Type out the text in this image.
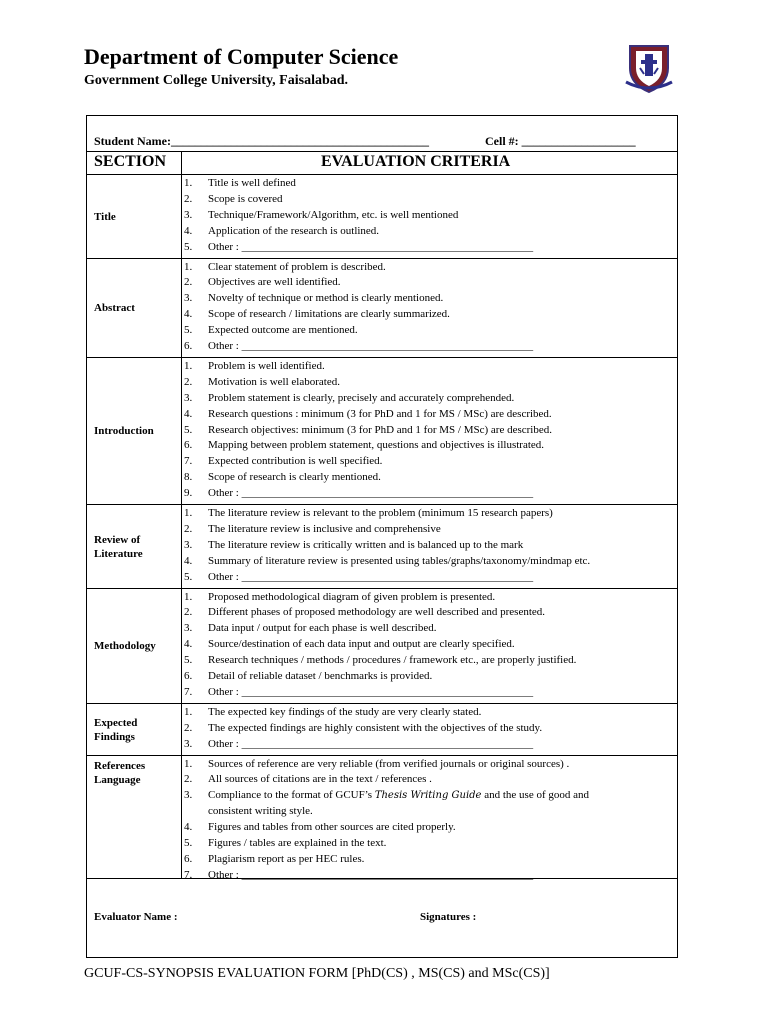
Department of Computer Science
Government College University, Faisalabad.
Student Name:___________________________________________	Cell #: ___________________
SECTION	EVALUATION CRITERIA
Title
1. Title is well defined
2. Scope is covered
3. Technique/Framework/Algorithm, etc. is well mentioned
4. Application of the research is outlined.
5. Other : _____________________________________________________
Abstract
1. Clear statement of problem is described.
2. Objectives are well identified.
3. Novelty of technique or method is clearly mentioned.
4. Scope of research / limitations are clearly summarized.
5. Expected outcome are mentioned.
6. Other : _____________________________________________________
Introduction
1. Problem is well identified.
2. Motivation is well elaborated.
3. Problem statement is clearly, precisely and accurately comprehended.
4. Research questions : minimum (3 for PhD and 1 for MS / MSc) are described.
5. Research objectives: minimum (3 for PhD and 1 for MS / MSc) are described.
6. Mapping between problem statement, questions and objectives is illustrated.
7. Expected contribution is well specified.
8. Scope of research is clearly mentioned.
9. Other : _____________________________________________________
Review of
Literature
1. The literature review is relevant to the problem (minimum 15 research papers)
2. The literature review is inclusive and comprehensive
3. The literature review is critically written and is balanced up to the mark
4. Summary of literature review is presented using tables/graphs/taxonomy/mindmap etc.
5. Other : _____________________________________________________
Methodology
1. Proposed methodological diagram of given problem is presented.
2. Different phases of proposed methodology are well described and presented.
3. Data input / output for each phase is well described.
4. Source/destination of each data input and output are clearly specified.
5. Research techniques / methods / procedures / framework etc., are properly justified.
6. Detail of reliable dataset / benchmarks is provided.
7. Other : _____________________________________________________
Expected
Findings
1. The expected key findings of the study are very clearly stated.
2. The expected findings are highly consistent with the objectives of the study.
3. Other : _____________________________________________________
References
Language
1. Sources of reference are very reliable (from verified journals or original sources) .
2. All sources of citations are in the text / references .
3. Compliance to the format of GCUF’s Thesis Writing Guide and the use of good and
consistent writing style.
4. Figures and tables from other sources are cited properly.
5. Figures / tables are explained in the text.
6. Plagiarism report as per HEC rules.
7. Other : _____________________________________________________
Evaluator Name :	Signatures :
GCUF-CS-SYNOPSIS EVALUATION FORM [PhD(CS) , MS(CS) and MSc(CS)]
